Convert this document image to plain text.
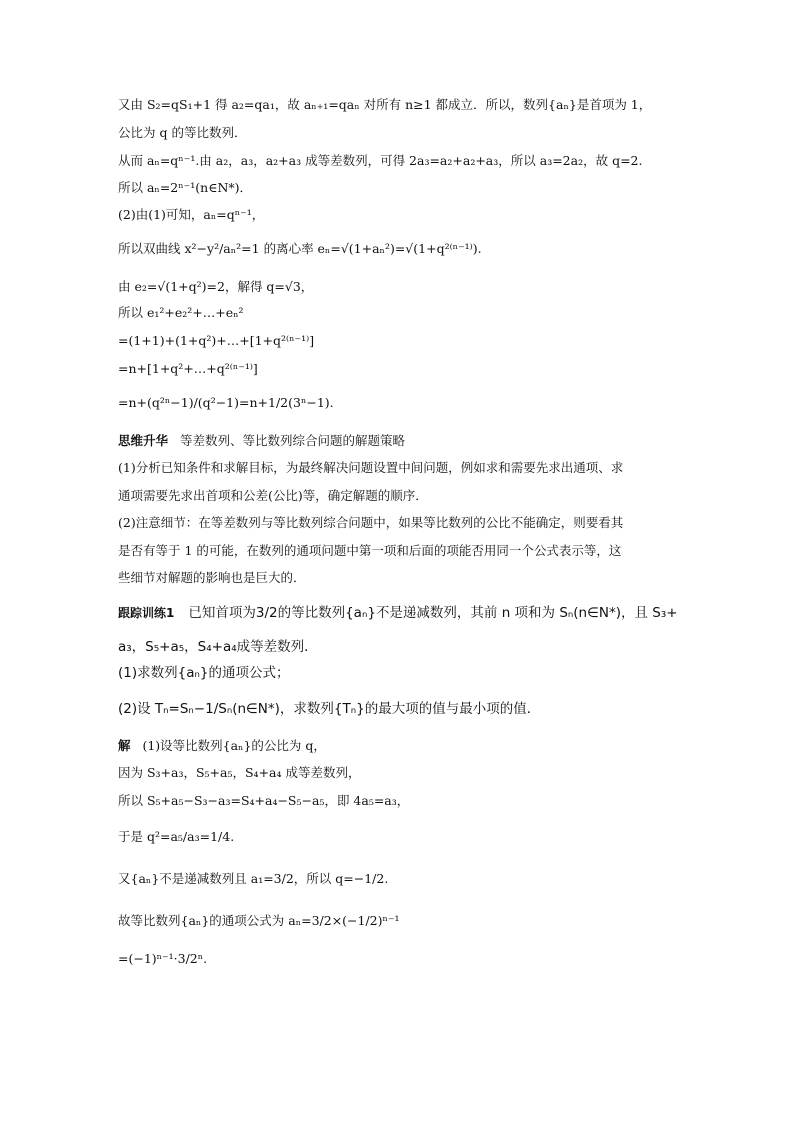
又由 S₂=qS₁+1 得 a₂=qa₁，故 aₙ₊₁=qaₙ 对所有 n≥1 都成立．所以，数列{aₙ}是首项为 1，
公比为 q 的等比数列．
从而 aₙ=qⁿ⁻¹.由 a₂，a₃，a₂+a₃ 成等差数列，可得 2a₃=a₂+a₂+a₃，所以 a₃=2a₂，故 q=2.
所以 aₙ=2ⁿ⁻¹(n∈N*)．
(2)由(1)可知，aₙ=qⁿ⁻¹，
所以双曲线 x²−y²/aₙ²=1 的离心率 eₙ=√(1+aₙ²)=√(1+q²⁽ⁿ⁻¹⁾).
由 e₂=√(1+q²)=2，解得 q=√3，
所以 e₁²+e₂²+…+eₙ²
=(1+1)+(1+q²)+…+[1+q²⁽ⁿ⁻¹⁾]
=n+[1+q²+…+q²⁽ⁿ⁻¹⁾]
=n+(q²ⁿ−1)/(q²−1)=n+1/2(3ⁿ−1).
思维升华 等差数列、等比数列综合问题的解题策略
(1)分析已知条件和求解目标，为最终解决问题设置中间问题，例如求和需要先求出通项、求
通项需要先求出首项和公差(公比)等，确定解题的顺序．
(2)注意细节：在等差数列与等比数列综合问题中，如果等比数列的公比不能确定，则要看其
是否有等于 1 的可能，在数列的通项问题中第一项和后面的项能否用同一个公式表示等，这
些细节对解题的影响也是巨大的．
跟踪训练1 已知首项为3/2的等比数列{aₙ}不是递减数列，其前 n 项和为 Sₙ(n∈N*)，且 S₃+
a₃，S₅+a₅，S₄+a₄成等差数列．
(1)求数列{aₙ}的通项公式；
(2)设 Tₙ=Sₙ−1/Sₙ(n∈N*)，求数列{Tₙ}的最大项的值与最小项的值．
解 (1)设等比数列{aₙ}的公比为 q，
因为 S₃+a₃，S₅+a₅，S₄+a₄ 成等差数列，
所以 S₅+a₅−S₃−a₃=S₄+a₄−S₅−a₅，即 4a₅=a₃，
于是 q²=a₅/a₃=1/4.
又{aₙ}不是递减数列且 a₁=3/2，所以 q=−1/2.
故等比数列{aₙ}的通项公式为 aₙ=3/2×(−1/2)ⁿ⁻¹
=(−1)ⁿ⁻¹·3/2ⁿ.
